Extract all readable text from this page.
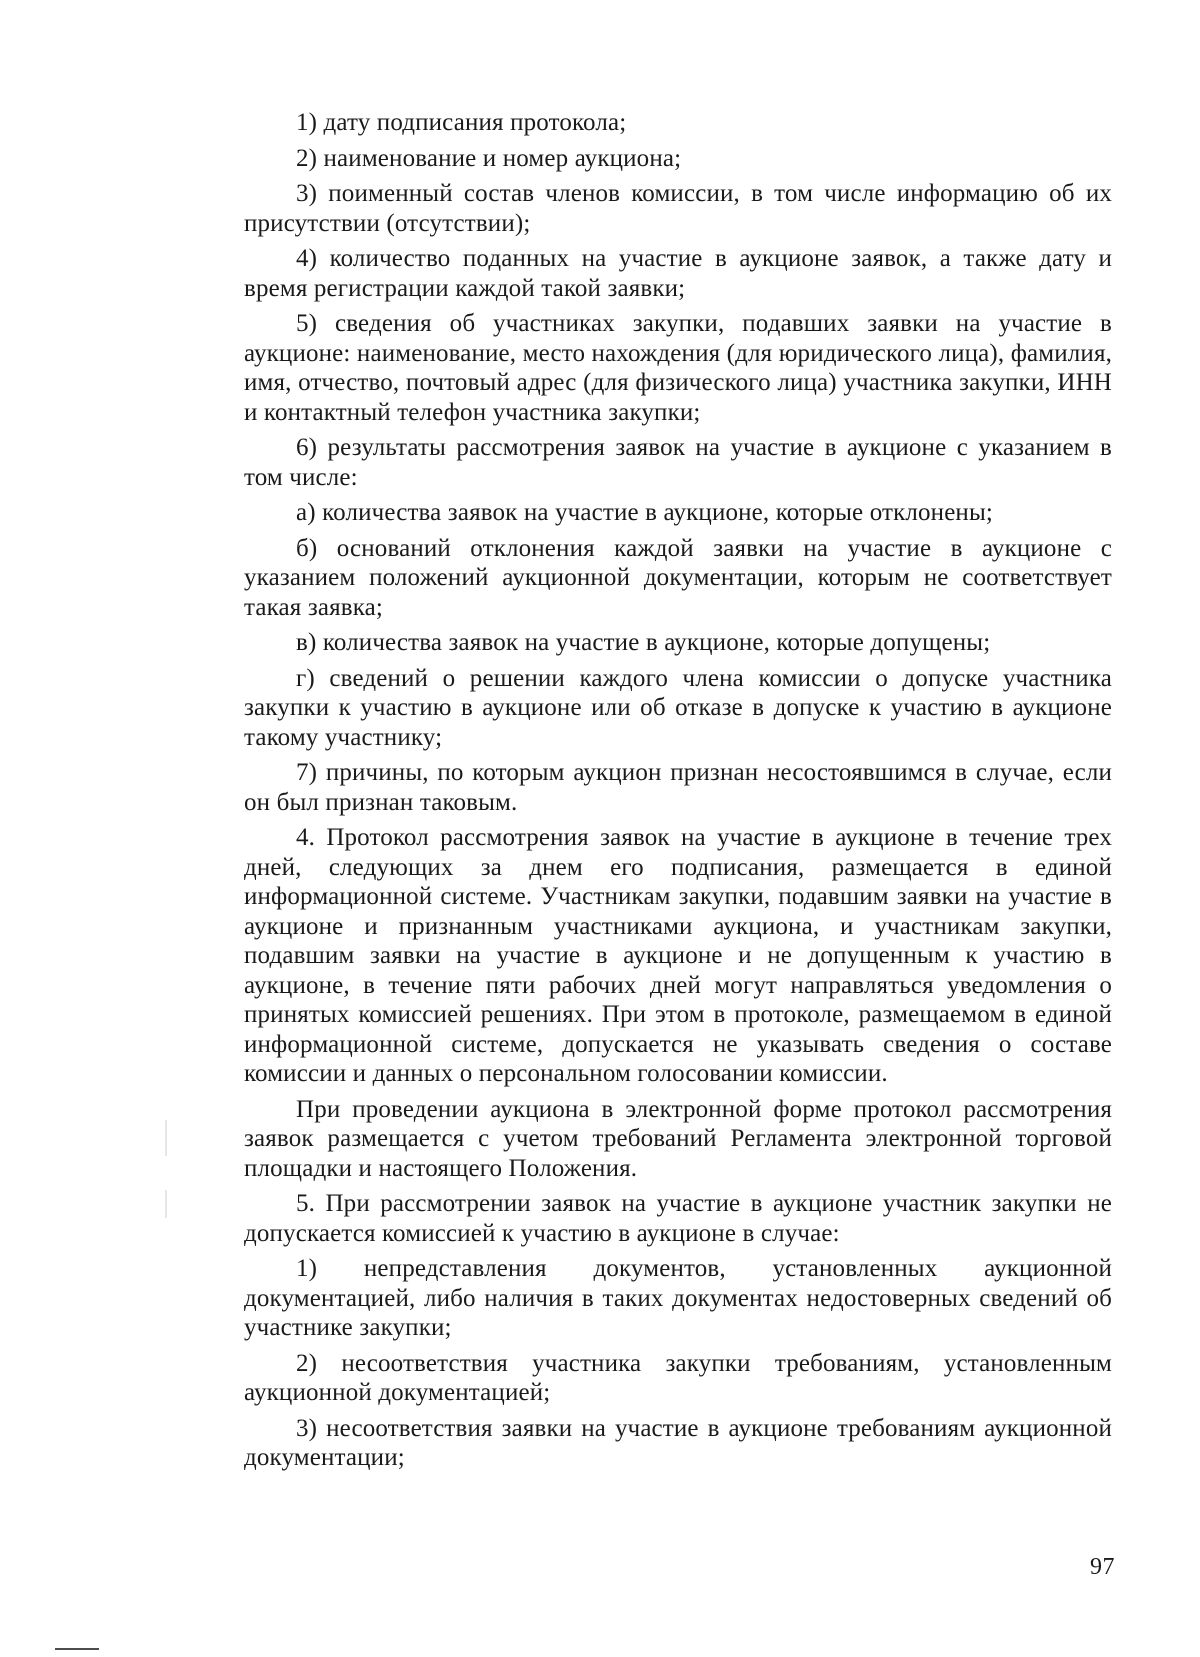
1) дату подписания протокола;

2) наименование и номер аукциона;

3) поименный состав членов комиссии, в том числе информацию об их присутствии (отсутствии);

4) количество поданных на участие в аукционе заявок, а также дату и время регистрации каждой такой заявки;

5) сведения об участниках закупки, подавших заявки на участие в аукционе: наименование, место нахождения (для юридического лица), фамилия, имя, отчество, почтовый адрес (для физического лица) участника закупки, ИНН и контактный телефон участника закупки;

6) результаты рассмотрения заявок на участие в аукционе с указанием в том числе:

а) количества заявок на участие в аукционе, которые отклонены;

б) оснований отклонения каждой заявки на участие в аукционе с указанием положений аукционной документации, которым не соответствует такая заявка;

в) количества заявок на участие в аукционе, которые допущены;

г) сведений о решении каждого члена комиссии о допуске участника закупки к участию в аукционе или об отказе в допуске к участию в аукционе такому участнику;

7) причины, по которым аукцион признан несостоявшимся в случае, если он был признан таковым.

4. Протокол рассмотрения заявок на участие в аукционе в течение трех дней, следующих за днем его подписания, размещается в единой информационной системе. Участникам закупки, подавшим заявки на участие в аукционе и признанным участниками аукциона, и участникам закупки, подавшим заявки на участие в аукционе и не допущенным к участию в аукционе, в течение пяти рабочих дней могут направляться уведомления о принятых комиссией решениях. При этом в протоколе, размещаемом в единой информационной системе, допускается не указывать сведения о составе комиссии и данных о персональном голосовании комиссии.

При проведении аукциона в электронной форме протокол рассмотрения заявок размещается с учетом требований Регламента электронной торговой площадки и настоящего Положения.

5. При рассмотрении заявок на участие в аукционе участник закупки не допускается комиссией к участию в аукционе в случае:

1) непредставления документов, установленных аукционной документацией, либо наличия в таких документах недостоверных сведений об участнике закупки;

2) несоответствия участника закупки требованиям, установленным аукционной документацией;

3) несоответствия заявки на участие в аукционе требованиям аукционной документации;

97
